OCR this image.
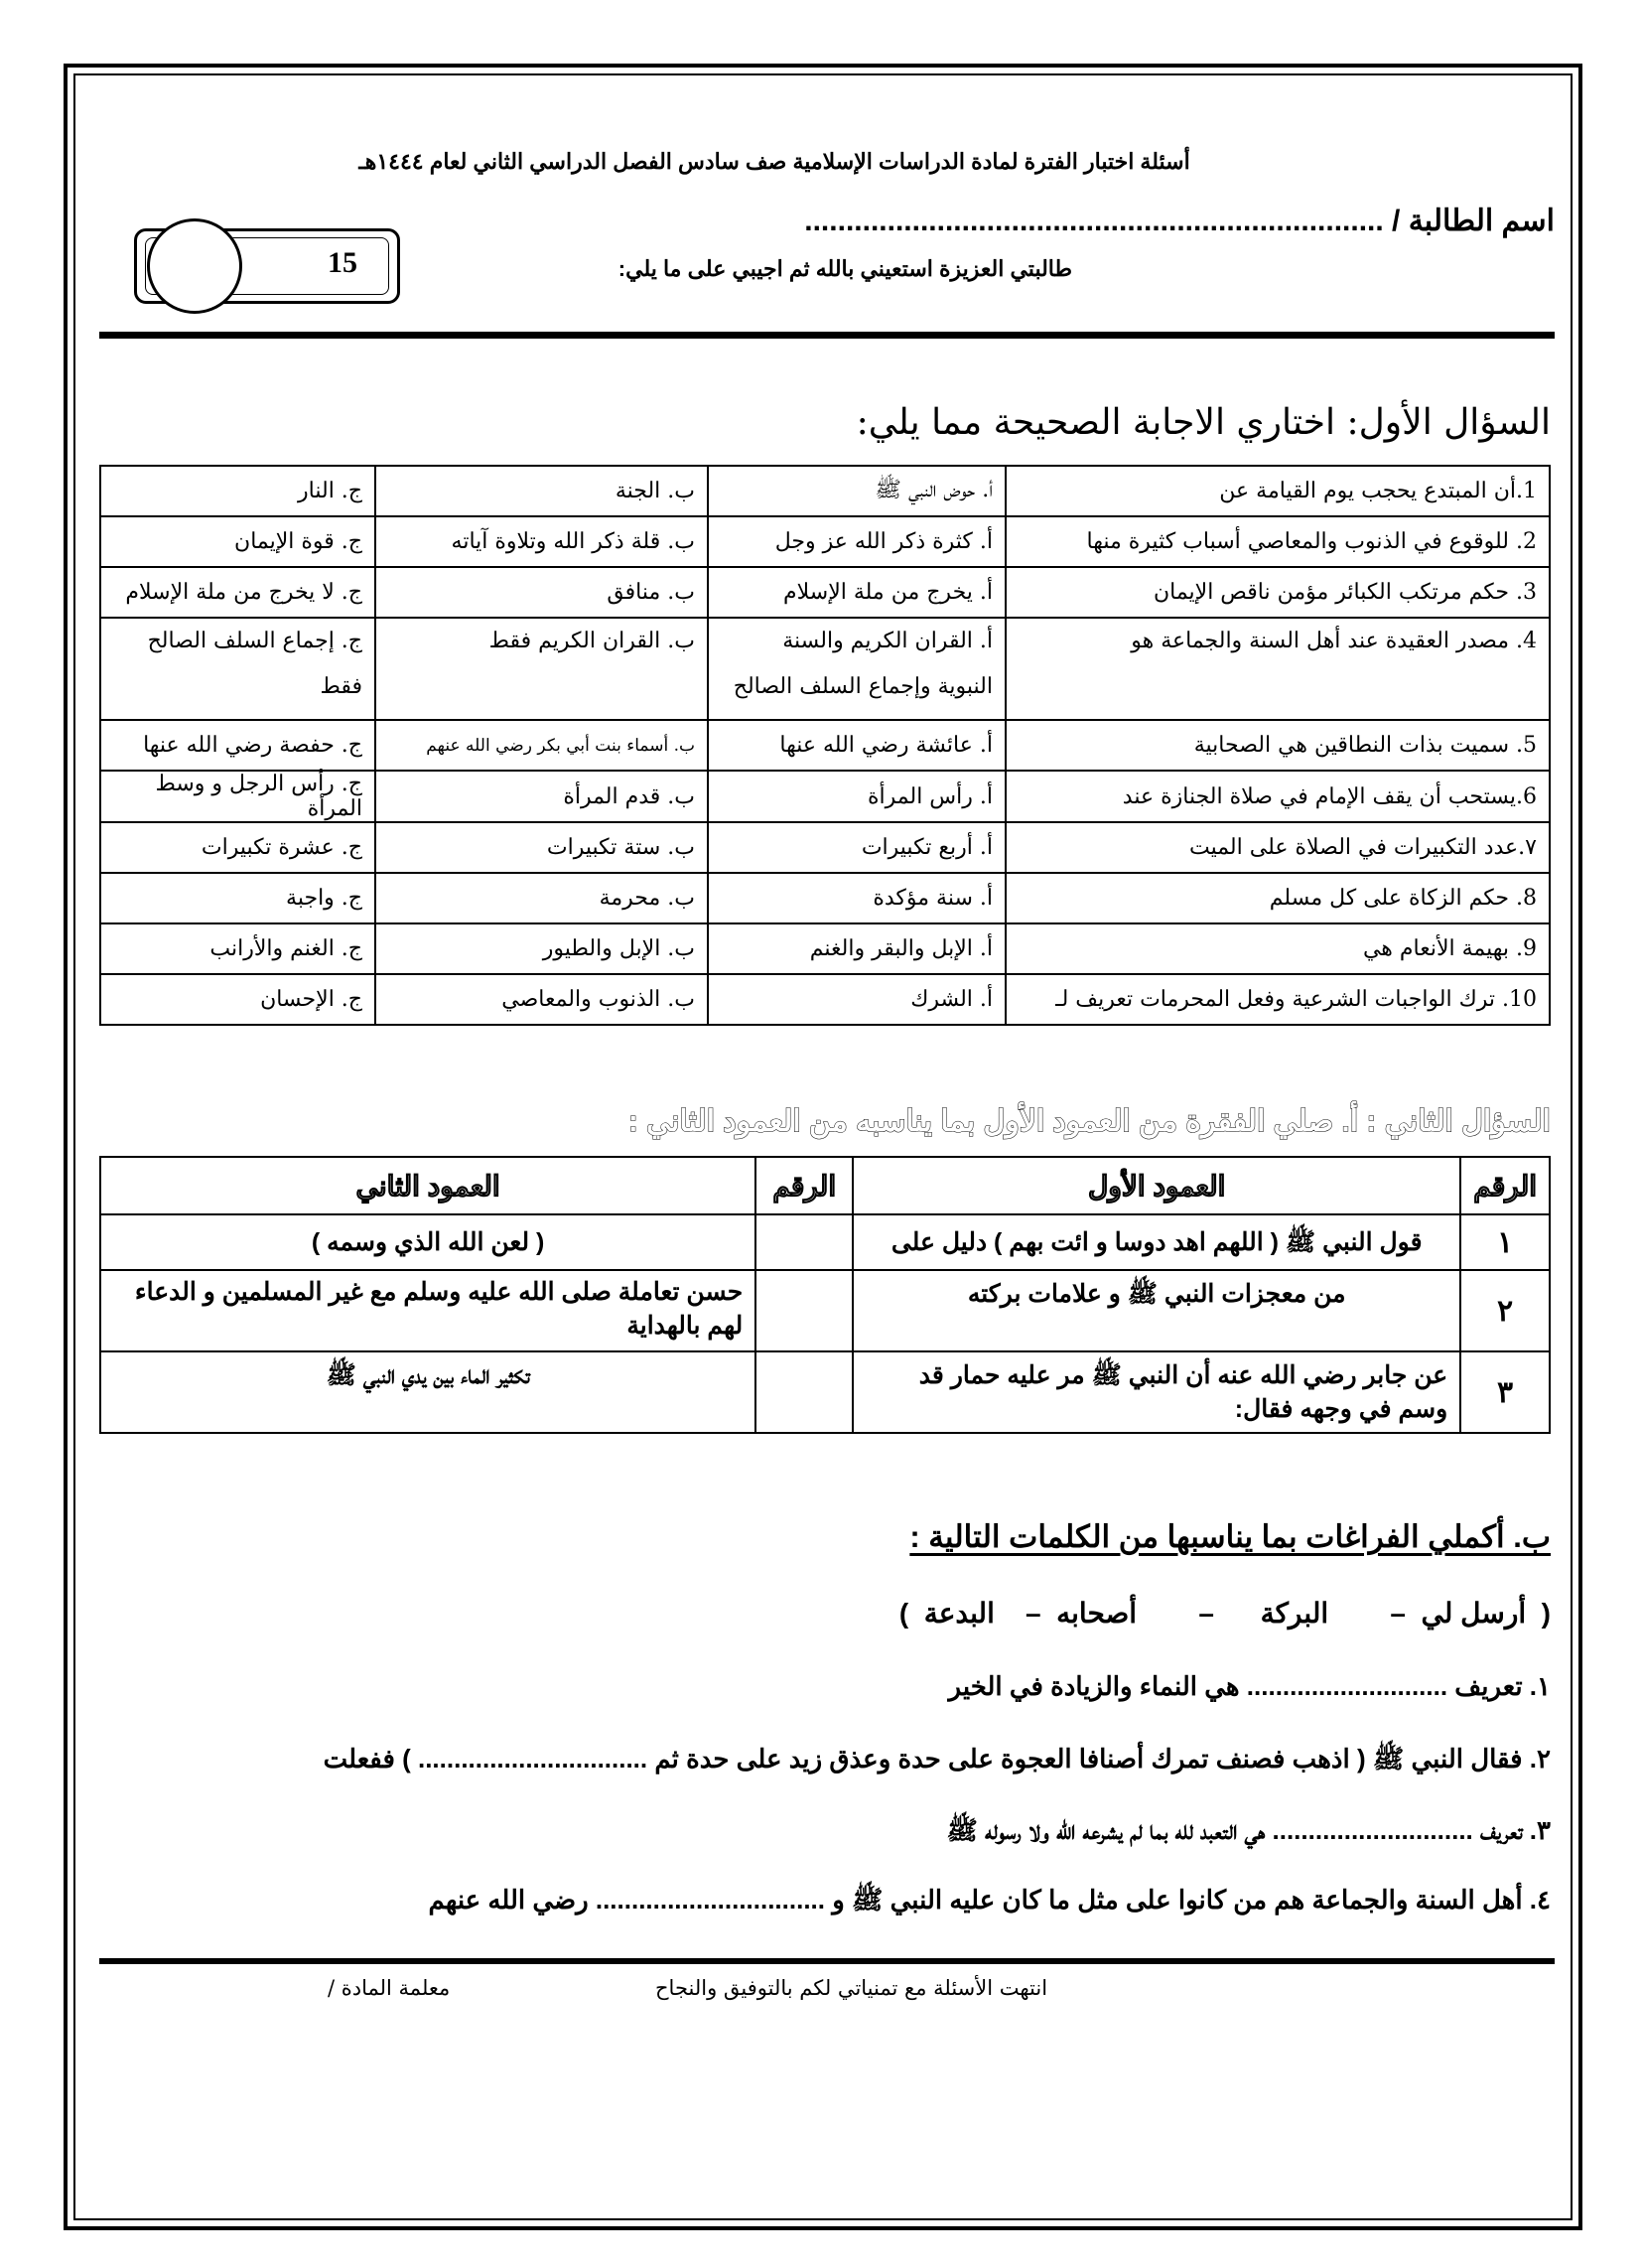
أسئلة اختبار الفترة لمادة الدراسات الإسلامية صف سادس الفصل الدراسي الثاني لعام ١٤٤٤هـ
اسم الطالبة / ......................................................................
طالبتي العزيزة استعيني بالله ثم اجيبي على ما يلي:
15
السؤال الأول: اختاري الاجابة الصحيحة مما يلي:
1.أن المبتدع يحجب يوم القيامة عن	أ. حوض النبي ﷺ	ب. الجنة	ج. النار
2. للوقوع في الذنوب والمعاصي أسباب كثيرة منها	أ. كثرة ذكر الله عز وجل	ب. قلة ذكر الله وتلاوة آياته	ج. قوة الإيمان
3. حكم مرتكب الكبائر مؤمن ناقص الإيمان	أ. يخرج من ملة الإسلام	ب. منافق	ج. لا يخرج من ملة الإسلام
4. مصدر العقيدة عند أهل السنة والجماعة هو	أ. القران الكريم والسنة النبوية وإجماع السلف الصالح	ب. القران الكريم فقط	ج. إجماع السلف الصالح فقط
5. سميت بذات النطاقين هي الصحابية	أ. عائشة رضي الله عنها	ب. أسماء بنت أبي بكر رضي الله عنهم	ج. حفصة رضي الله عنها
6.يستحب أن يقف الإمام في صلاة الجنازة عند	أ. رأس المرأة	ب. قدم المرأة	ج. رأس الرجل و وسط المرأة
٧.عدد التكبيرات في الصلاة على الميت	أ. أربع تكبيرات	ب. ستة تكبيرات	ج. عشرة تكبيرات
8. حكم الزكاة على كل مسلم	أ. سنة مؤكدة	ب. محرمة	ج. واجبة
9. بهيمة الأنعام هي	أ. الإبل والبقر والغنم	ب. الإبل والطيور	ج. الغنم والأرانب
10. ترك الواجبات الشرعية وفعل المحرمات تعريف لـ	أ. الشرك	ب. الذنوب والمعاصي	ج. الإحسان
السؤال الثاني : أ. صلي الفقرة من العمود الأول بما يناسبه من العمود الثاني :
الرقم	العمود الأول	الرقم	العمود الثاني
١	قول النبي ﷺ ( اللهم اهد دوسا و ائت بهم ) دليل على		( لعن الله الذي وسمه )
٢	من معجزات النبي ﷺ و علامات بركته		حسن تعاملة صلى الله عليه وسلم مع غير المسلمين و الدعاء لهم بالهداية
٣	عن جابر رضي الله عنه أن النبي ﷺ مر عليه حمار قد وسم في وجهه فقال:		تكثير الماء بين يدي النبي ﷺ
ب. أكملي الفراغات بما يناسبها من الكلمات التالية :
(  أرسل لي
–        البركة
–        أصحابه
–    البدعة  )
١. تعريف ............................ هي النماء والزيادة في الخير
٢. فقال النبي ﷺ ( اذهب فصنف تمرك أصنافا العجوة على حدة وعذق زيد على حدة ثم ................................ ) ففعلت
٣. تعريف ............................ هي التعبد لله بما لم يشرعه الله ولا رسوله ﷺ
٤. أهل السنة والجماعة هم من كانوا على مثل ما كان عليه النبي ﷺ و ................................ رضي الله عنهم
انتهت الأسئلة مع تمنياتي لكم بالتوفيق والنجاح
معلمة المادة /
